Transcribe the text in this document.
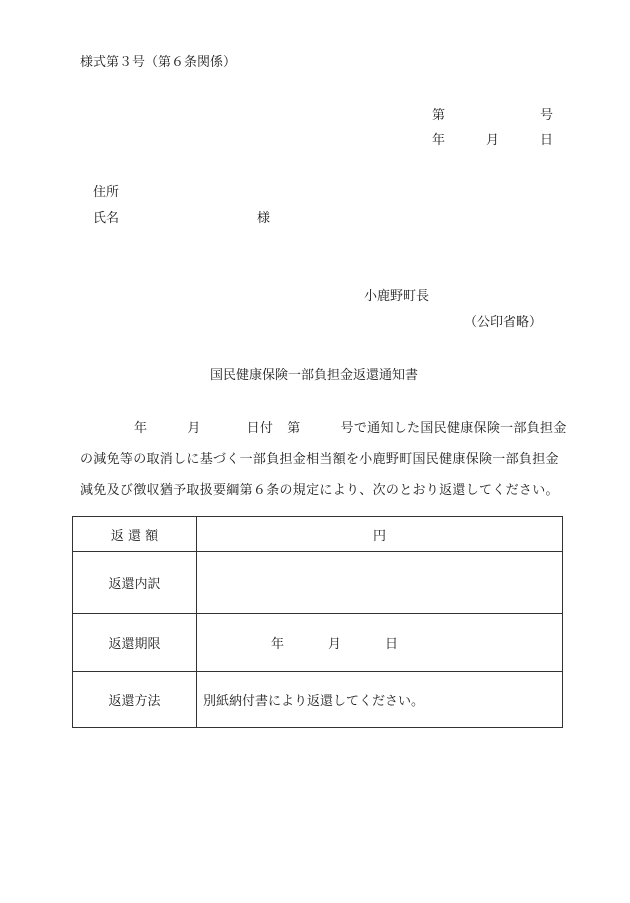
様式第３号（第６条関係）
第	号
年	月	日
住所
氏名	様
小鹿野町長
（公印省略）
国民健康保険一部負担金返還通知書
年	月	日付 第	号で通知した国民健康保険一部負担金
の減免等の取消しに基づく一部負担金相当額を小鹿野町国民健康保険一部負担金
減免及び徴収猶予取扱要綱第６条の規定により、次のとおり返還してください。
返 還 額	円
返還内訳	
返還期限	年 月 日
返還方法	別紙納付書により返還してください。
